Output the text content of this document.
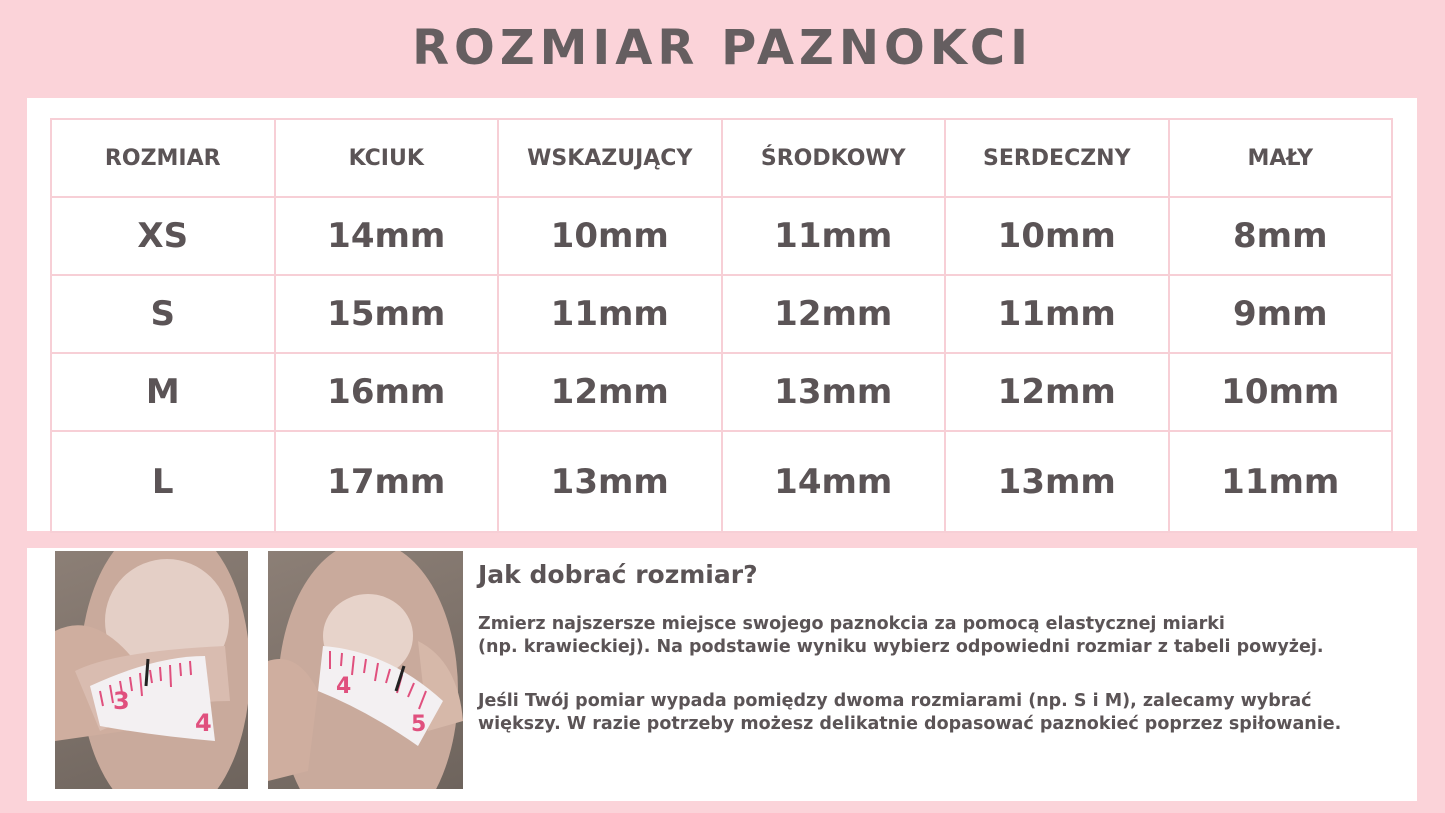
ROZMIAR PAZNOKCI
ROZMIAR	KCIUK	WSKAZUJĄCY	ŚRODKOWY	SERDECZNY	MAŁY
XS	14mm	10mm	11mm	10mm	8mm
S	15mm	11mm	12mm	11mm	9mm
M	16mm	12mm	13mm	12mm	10mm
L	17mm	13mm	14mm	13mm	11mm
3
4
4
5
Jak dobrać rozmiar?
Zmierz najszersze miejsce swojego paznokcia za pomocą elastycznej miarki
(np. krawieckiej). Na podstawie wyniku wybierz odpowiedni rozmiar z tabeli powyżej.
Jeśli Twój pomiar wypada pomiędzy dwoma rozmiarami (np. S i M), zalecamy wybrać
większy. W razie potrzeby możesz delikatnie dopasować paznokieć poprzez spiłowanie.
